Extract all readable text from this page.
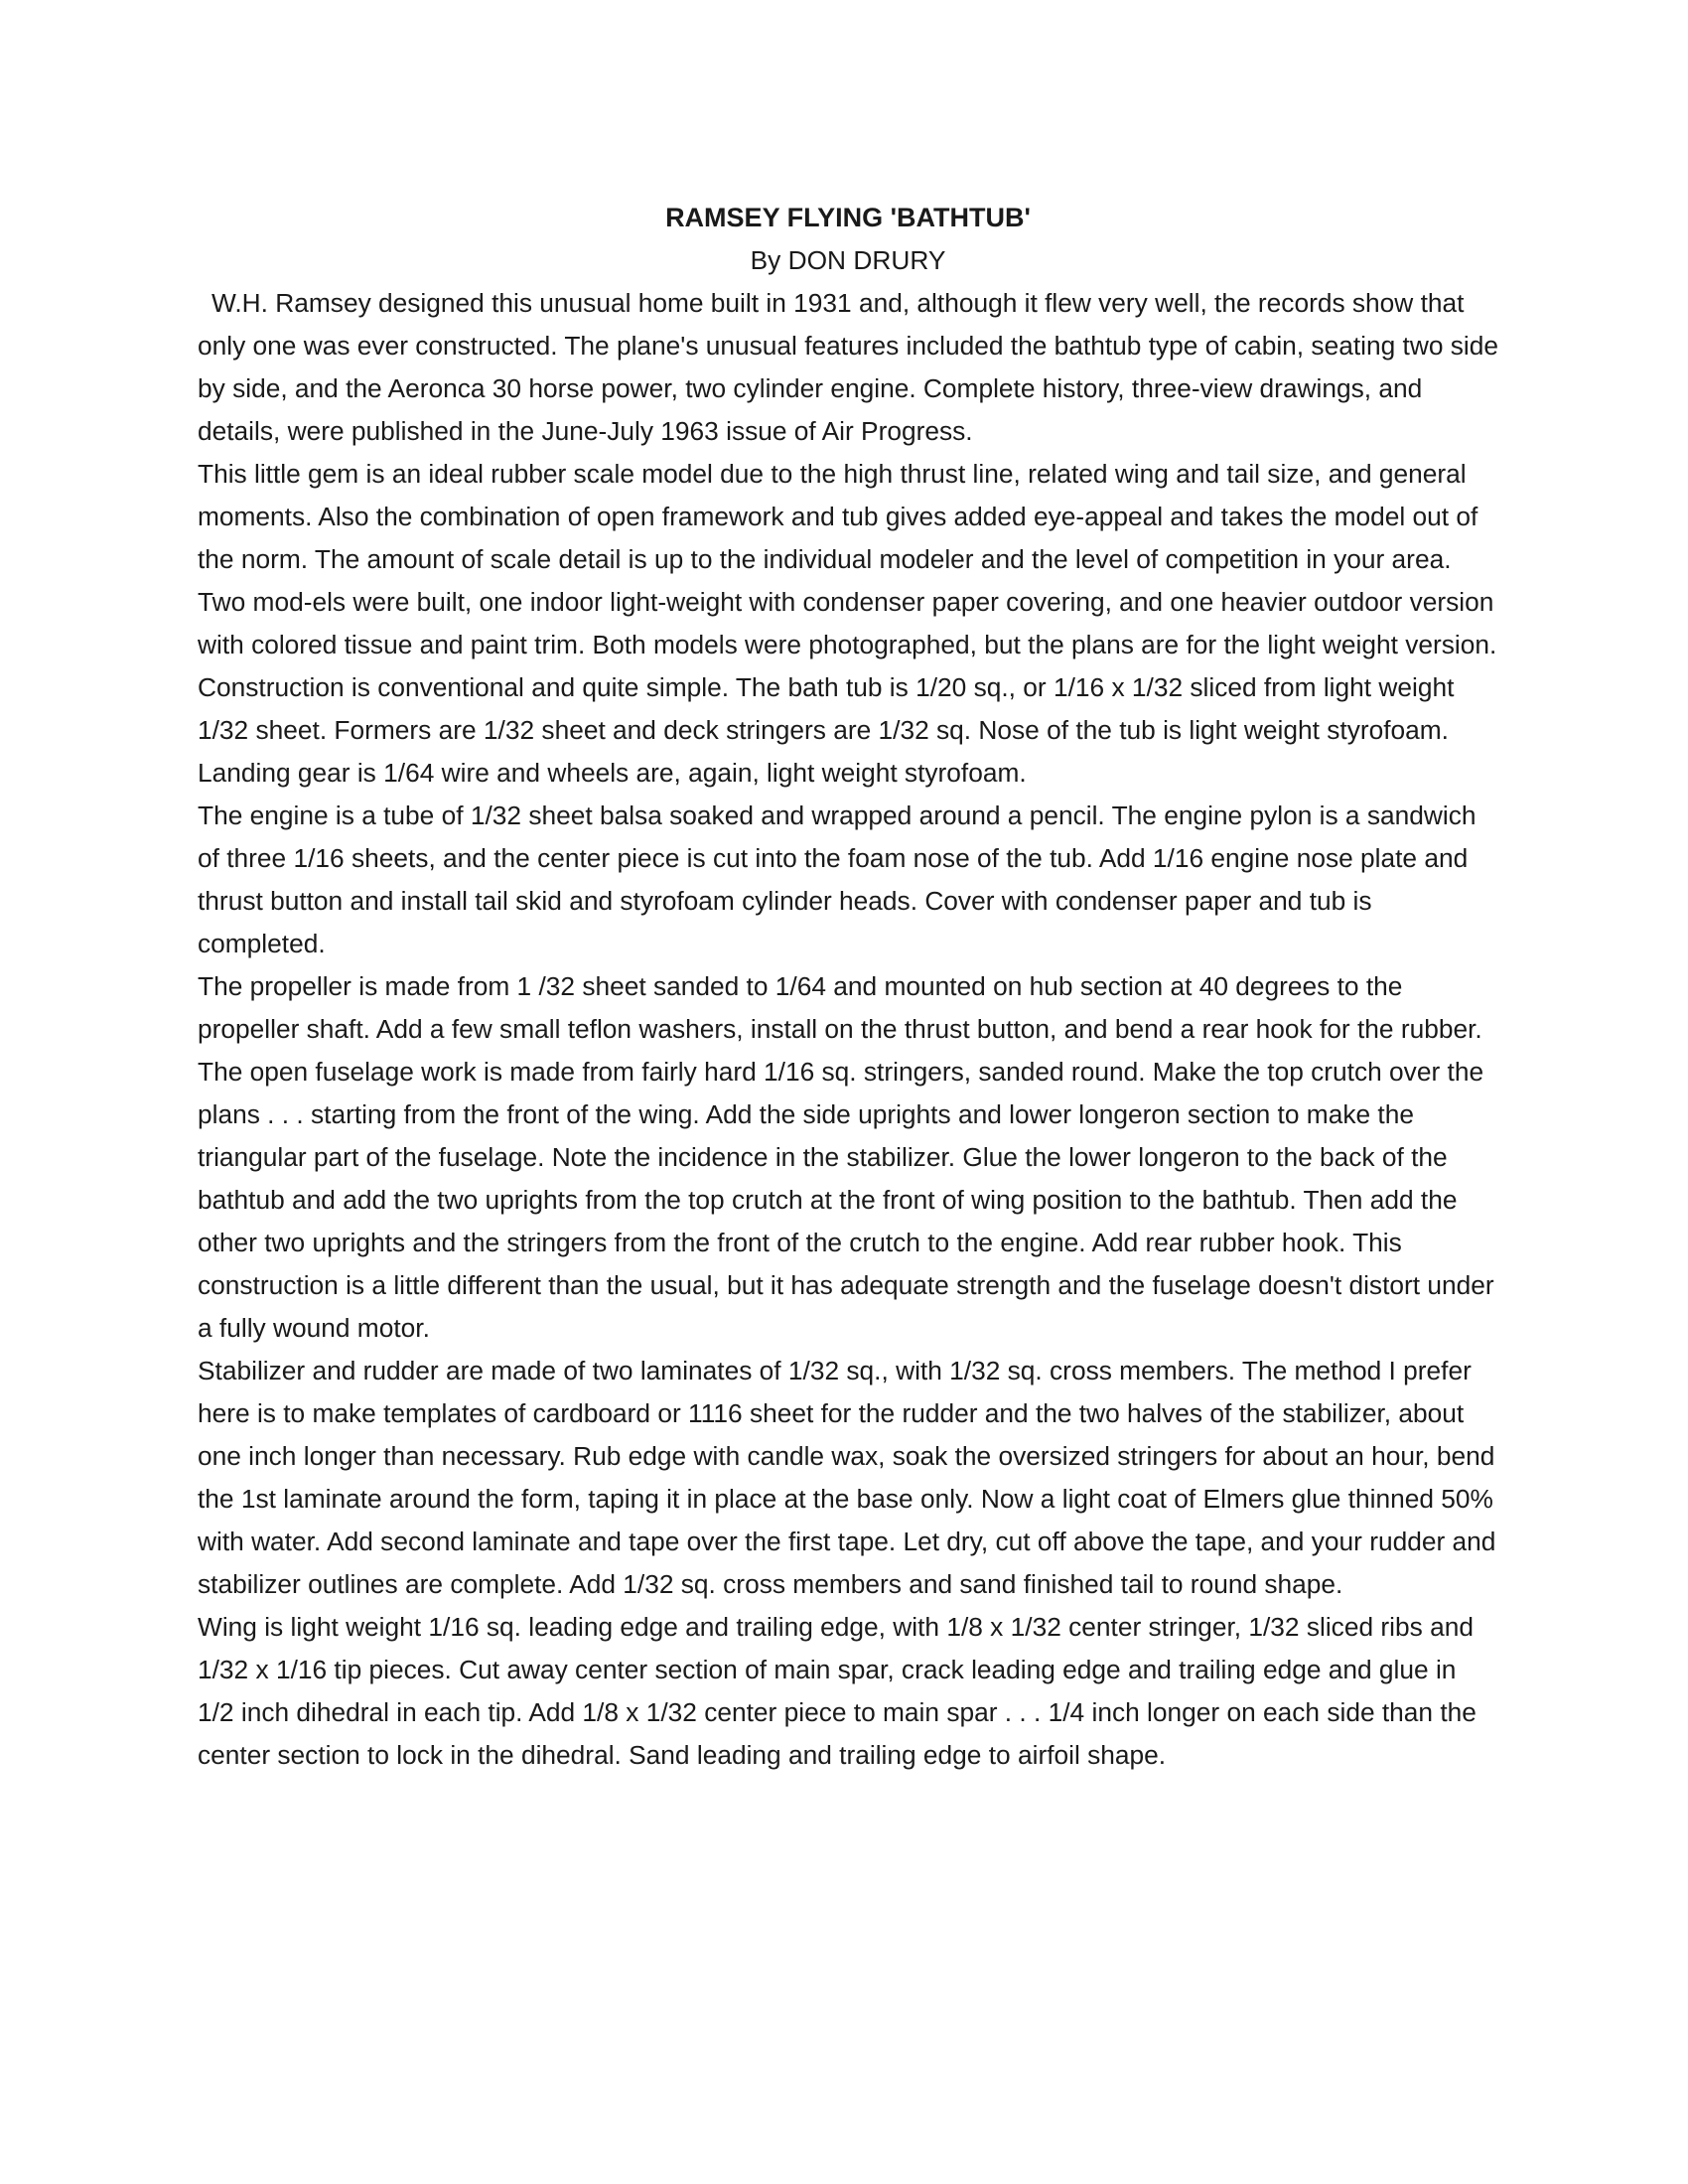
RAMSEY FLYING 'BATHTUB'

By DON DRURY

W.H. Ramsey designed this unusual home built in 1931 and, although it flew very well, the records show that only one was ever constructed. The plane's unusual features included the bathtub type of cabin, seating two side by side, and the Aeronca 30 horse power, two cylinder engine. Complete history, three-view drawings, and details, were published in the June-July 1963 issue of Air Progress.

This little gem is an ideal rubber scale model due to the high thrust line, related wing and tail size, and general moments. Also the combination of open framework and tub gives added eye-appeal and takes the model out of the norm. The amount of scale detail is up to the individual modeler and the level of competition in your area. Two mod-els were built, one indoor light-weight with condenser paper covering, and one heavier outdoor version with colored tissue and paint trim. Both models were photographed, but the plans are for the light weight version.

Construction is conventional and quite simple. The bath tub is 1/20 sq., or 1/16 x 1/32 sliced from light weight 1/32 sheet. Formers are 1/32 sheet and deck stringers are 1/32 sq. Nose of the tub is light weight styrofoam. Landing gear is 1/64 wire and wheels are, again, light weight styrofoam.

The engine is a tube of 1/32 sheet balsa soaked and wrapped around a pencil. The engine pylon is a sandwich of three 1/16 sheets, and the center piece is cut into the foam nose of the tub. Add 1/16 engine nose plate and thrust button and install tail skid and styrofoam cylinder heads. Cover with condenser paper and tub is completed.

The propeller is made from 1 /32 sheet sanded to 1/64 and mounted on hub section at 40 degrees to the propeller shaft. Add a few small teflon washers, install on the thrust button, and bend a rear hook for the rubber.

The open fuselage work is made from fairly hard 1/16 sq. stringers, sanded round. Make the top crutch over the plans . . . starting from the front of the wing. Add the side uprights and lower longeron section to make the triangular part of the fuselage. Note the incidence in the stabilizer. Glue the lower longeron to the back of the bathtub and add the two uprights from the top crutch at the front of wing position to the bathtub. Then add the other two uprights and the stringers from the front of the crutch to the engine. Add rear rubber hook. This construction is a little different than the usual, but it has adequate strength and the fuselage doesn't distort under a fully wound motor.

Stabilizer and rudder are made of two laminates of 1/32 sq., with 1/32 sq. cross members. The method I prefer here is to make templates of cardboard or 1116 sheet for the rudder and the two halves of the stabilizer, about one inch longer than necessary. Rub edge with candle wax, soak the oversized stringers for about an hour, bend the 1st laminate around the form, taping it in place at the base only. Now a light coat of Elmers glue thinned 50% with water. Add second laminate and tape over the first tape. Let dry, cut off above the tape, and your rudder and stabilizer outlines are complete. Add 1/32 sq. cross members and sand finished tail to round shape.

Wing is light weight 1/16 sq. leading edge and trailing edge, with 1/8 x 1/32 center stringer, 1/32 sliced ribs and 1/32 x 1/16 tip pieces. Cut away center section of main spar, crack leading edge and trailing edge and glue in 1/2 inch dihedral in each tip. Add 1/8 x 1/32 center piece to main spar . . . 1/4 inch longer on each side than the center section to lock in the dihedral. Sand leading and trailing edge to airfoil shape.
